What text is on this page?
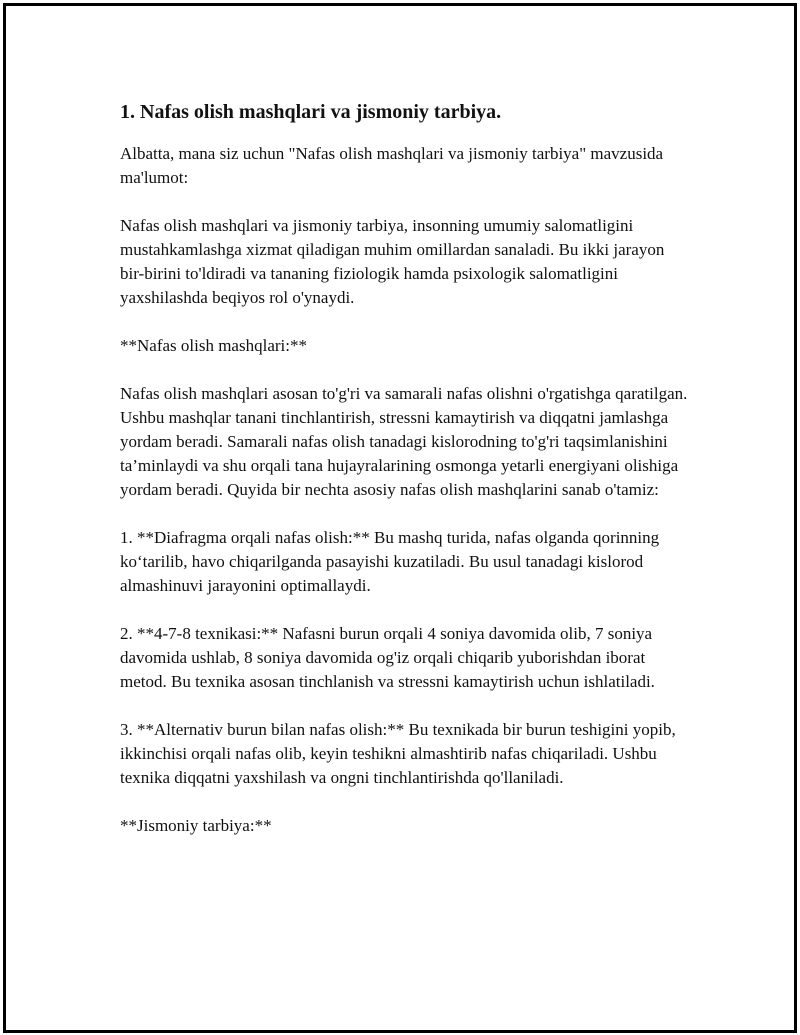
1. Nafas olish mashqlari va jismoniy tarbiya.

Albatta, mana siz uchun "Nafas olish mashqlari va jismoniy tarbiya" mavzusida ma'lumot:

Nafas olish mashqlari va jismoniy tarbiya, insonning umumiy salomatligini mustahkamlashga xizmat qiladigan muhim omillardan sanaladi. Bu ikki jarayon bir-birini to'ldiradi va tananing fiziologik hamda psixologik salomatligini yaxshilashda beqiyos rol o'ynaydi.

**Nafas olish mashqlari:**

Nafas olish mashqlari asosan to'g'ri va samarali nafas olishni o'rgatishga qaratilgan. Ushbu mashqlar tanani tinchlantirish, stressni kamaytirish va diqqatni jamlashga yordam beradi. Samarali nafas olish tanadagi kislorodning to'g'ri taqsimlanishini ta’minlaydi va shu orqali tana hujayralarining osmonga yetarli energiyani olishiga yordam beradi. Quyida bir nechta asosiy nafas olish mashqlarini sanab o'tamiz:

1. **Diafragma orqali nafas olish:** Bu mashq turida, nafas olganda qorinning ko‘tarilib, havo chiqarilganda pasayishi kuzatiladi. Bu usul tanadagi kislorod almashinuvi jarayonini optimallaydi.

2. **4-7-8 texnikasi:** Nafasni burun orqali 4 soniya davomida olib, 7 soniya davomida ushlab, 8 soniya davomida og'iz orqali chiqarib yuborishdan iborat metod. Bu texnika asosan tinchlanish va stressni kamaytirish uchun ishlatiladi.

3. **Alternativ burun bilan nafas olish:** Bu texnikada bir burun teshigini yopib, ikkinchisi orqali nafas olib, keyin teshikni almashtirib nafas chiqariladi. Ushbu texnika diqqatni yaxshilash va ongni tinchlantirishda qo'llaniladi.

**Jismoniy tarbiya:**
